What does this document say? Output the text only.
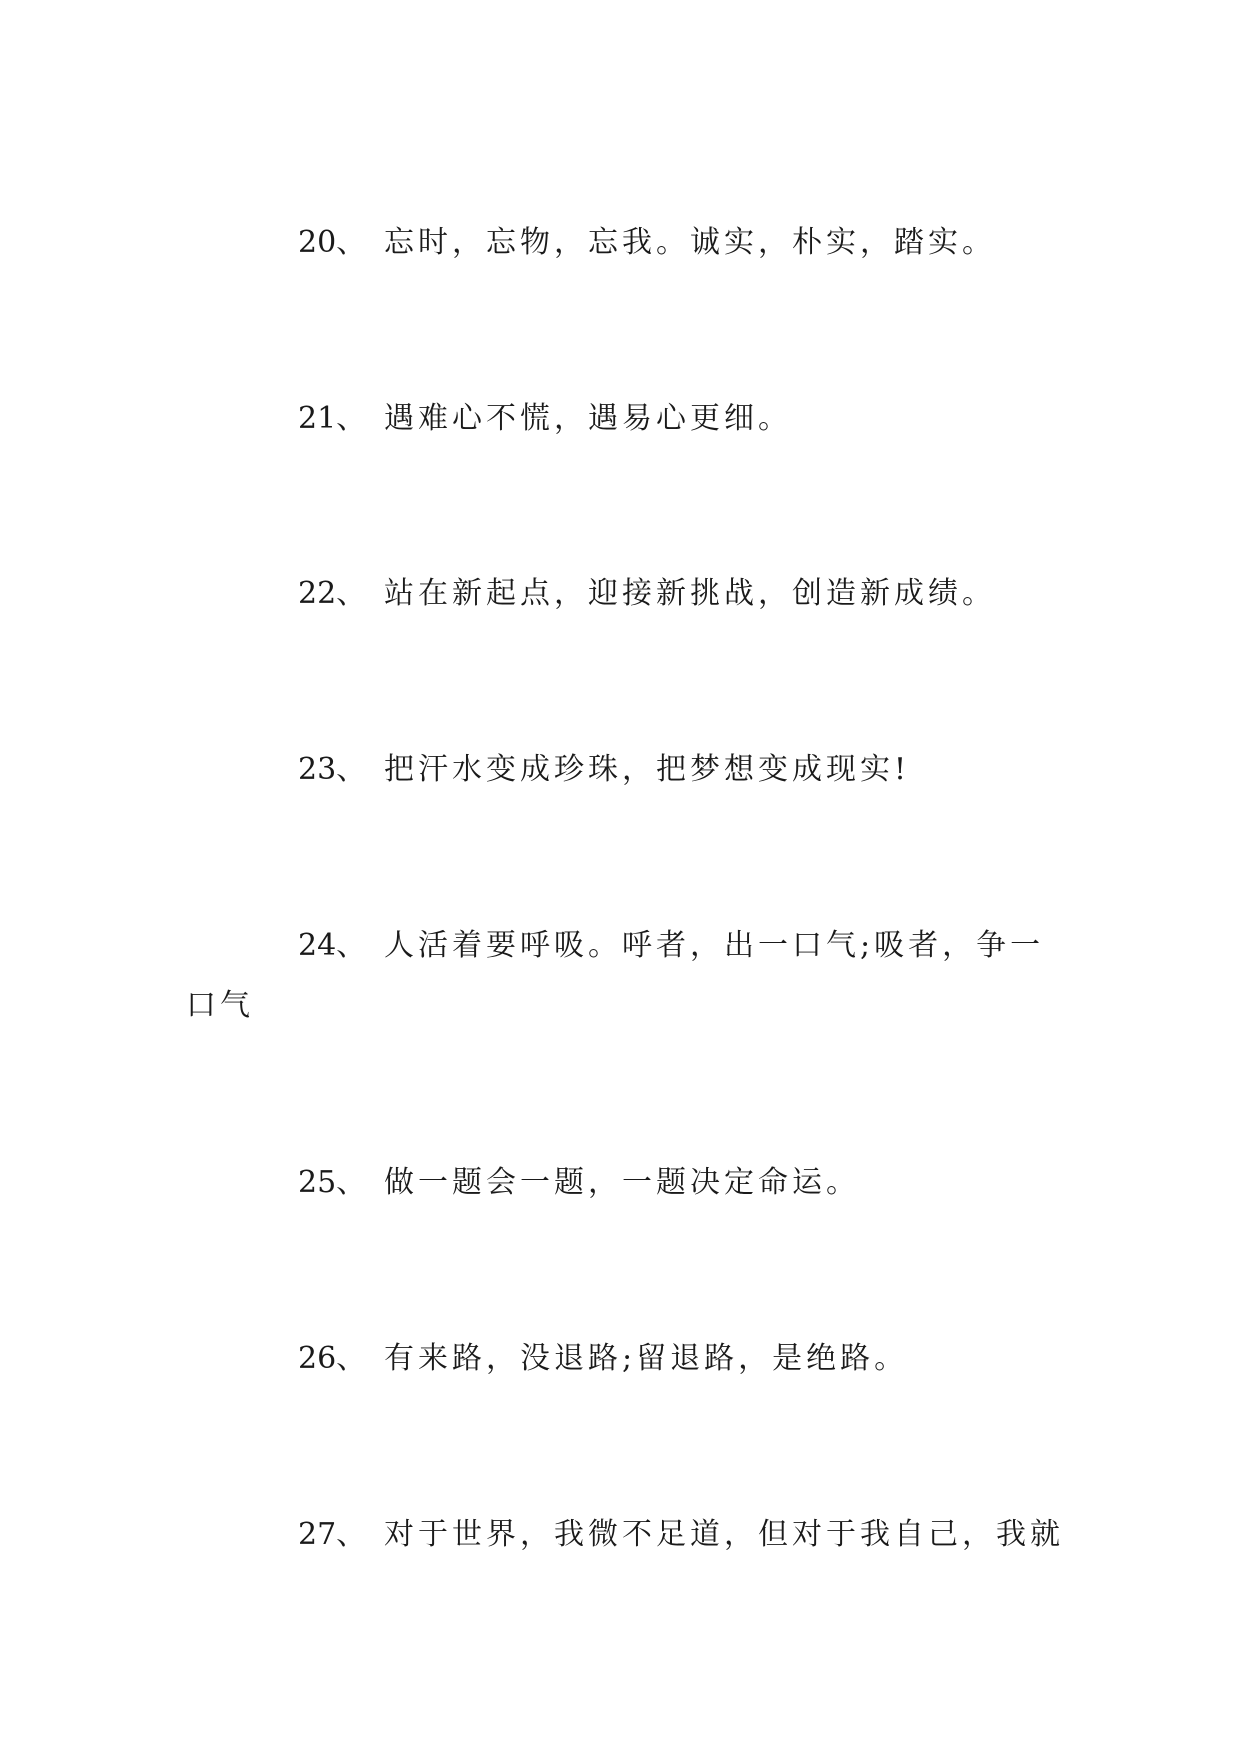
20、 忘时，忘物，忘我。诚实，朴实，踏实。

21、 遇难心不慌，遇易心更细。

22、 站在新起点，迎接新挑战，创造新成绩。

23、 把汗水变成珍珠，把梦想变成现实!

24、 人活着要呼吸。呼者，出一口气;吸者，争一口气

25、 做一题会一题，一题决定命运。

26、 有来路，没退路;留退路，是绝路。

27、 对于世界，我微不足道，但对于我自己，我就
